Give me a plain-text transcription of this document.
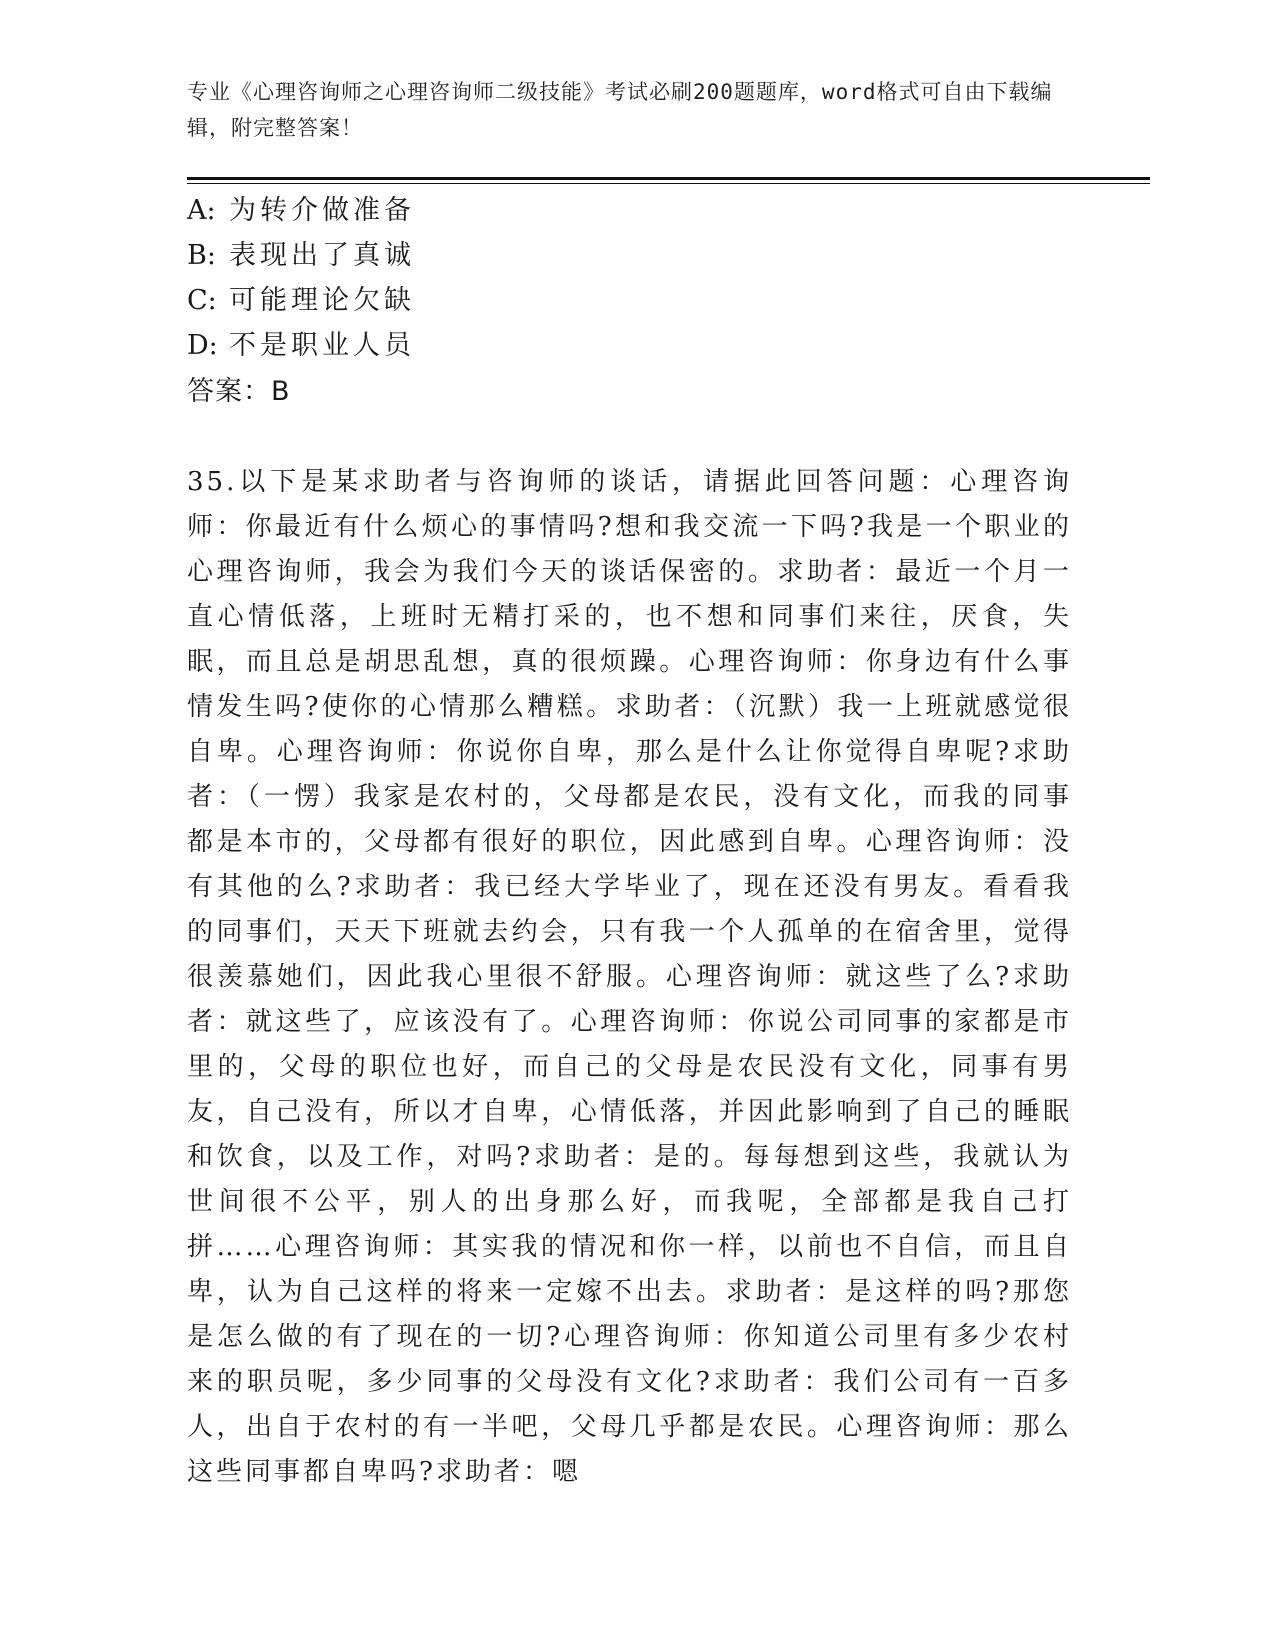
专业《心理咨询师之心理咨询师二级技能》考试必刷200题题库，word格式可自由下载编辑，附完整答案！
A: 为转介做准备
B: 表现出了真诚
C: 可能理论欠缺
D: 不是职业人员
答案：B
35.以下是某求助者与咨询师的谈话，请据此回答问题：心理咨询师：你最近有什么烦心的事情吗?想和我交流一下吗?我是一个职业的心理咨询师，我会为我们今天的谈话保密的。求助者：最近一个月一直心情低落，上班时无精打采的，也不想和同事们来往，厌食，失眠，而且总是胡思乱想，真的很烦躁。心理咨询师：你身边有什么事情发生吗?使你的心情那么糟糕。求助者：（沉默）我一上班就感觉很自卑。心理咨询师：你说你自卑，那么是什么让你觉得自卑呢?求助者：（一愣）我家是农村的，父母都是农民，没有文化，而我的同事都是本市的，父母都有很好的职位，因此感到自卑。心理咨询师：没有其他的么?求助者：我已经大学毕业了，现在还没有男友。看看我的同事们，天天下班就去约会，只有我一个人孤单的在宿舍里，觉得很羡慕她们，因此我心里很不舒服。心理咨询师：就这些了么?求助者：就这些了，应该没有了。心理咨询师：你说公司同事的家都是市里的，父母的职位也好，而自己的父母是农民没有文化，同事有男友，自己没有，所以才自卑，心情低落，并因此影响到了自己的睡眠和饮食，以及工作，对吗?求助者：是的。每每想到这些，我就认为世间很不公平，别人的出身那么好，而我呢，全部都是我自己打拼……心理咨询师：其实我的情况和你一样，以前也不自信，而且自卑，认为自己这样的将来一定嫁不出去。求助者：是这样的吗?那您是怎么做的有了现在的一切?心理咨询师：你知道公司里有多少农村来的职员呢，多少同事的父母没有文化?求助者：我们公司有一百多人，出自于农村的有一半吧，父母几乎都是农民。心理咨询师：那么这些同事都自卑吗?求助者：嗯
